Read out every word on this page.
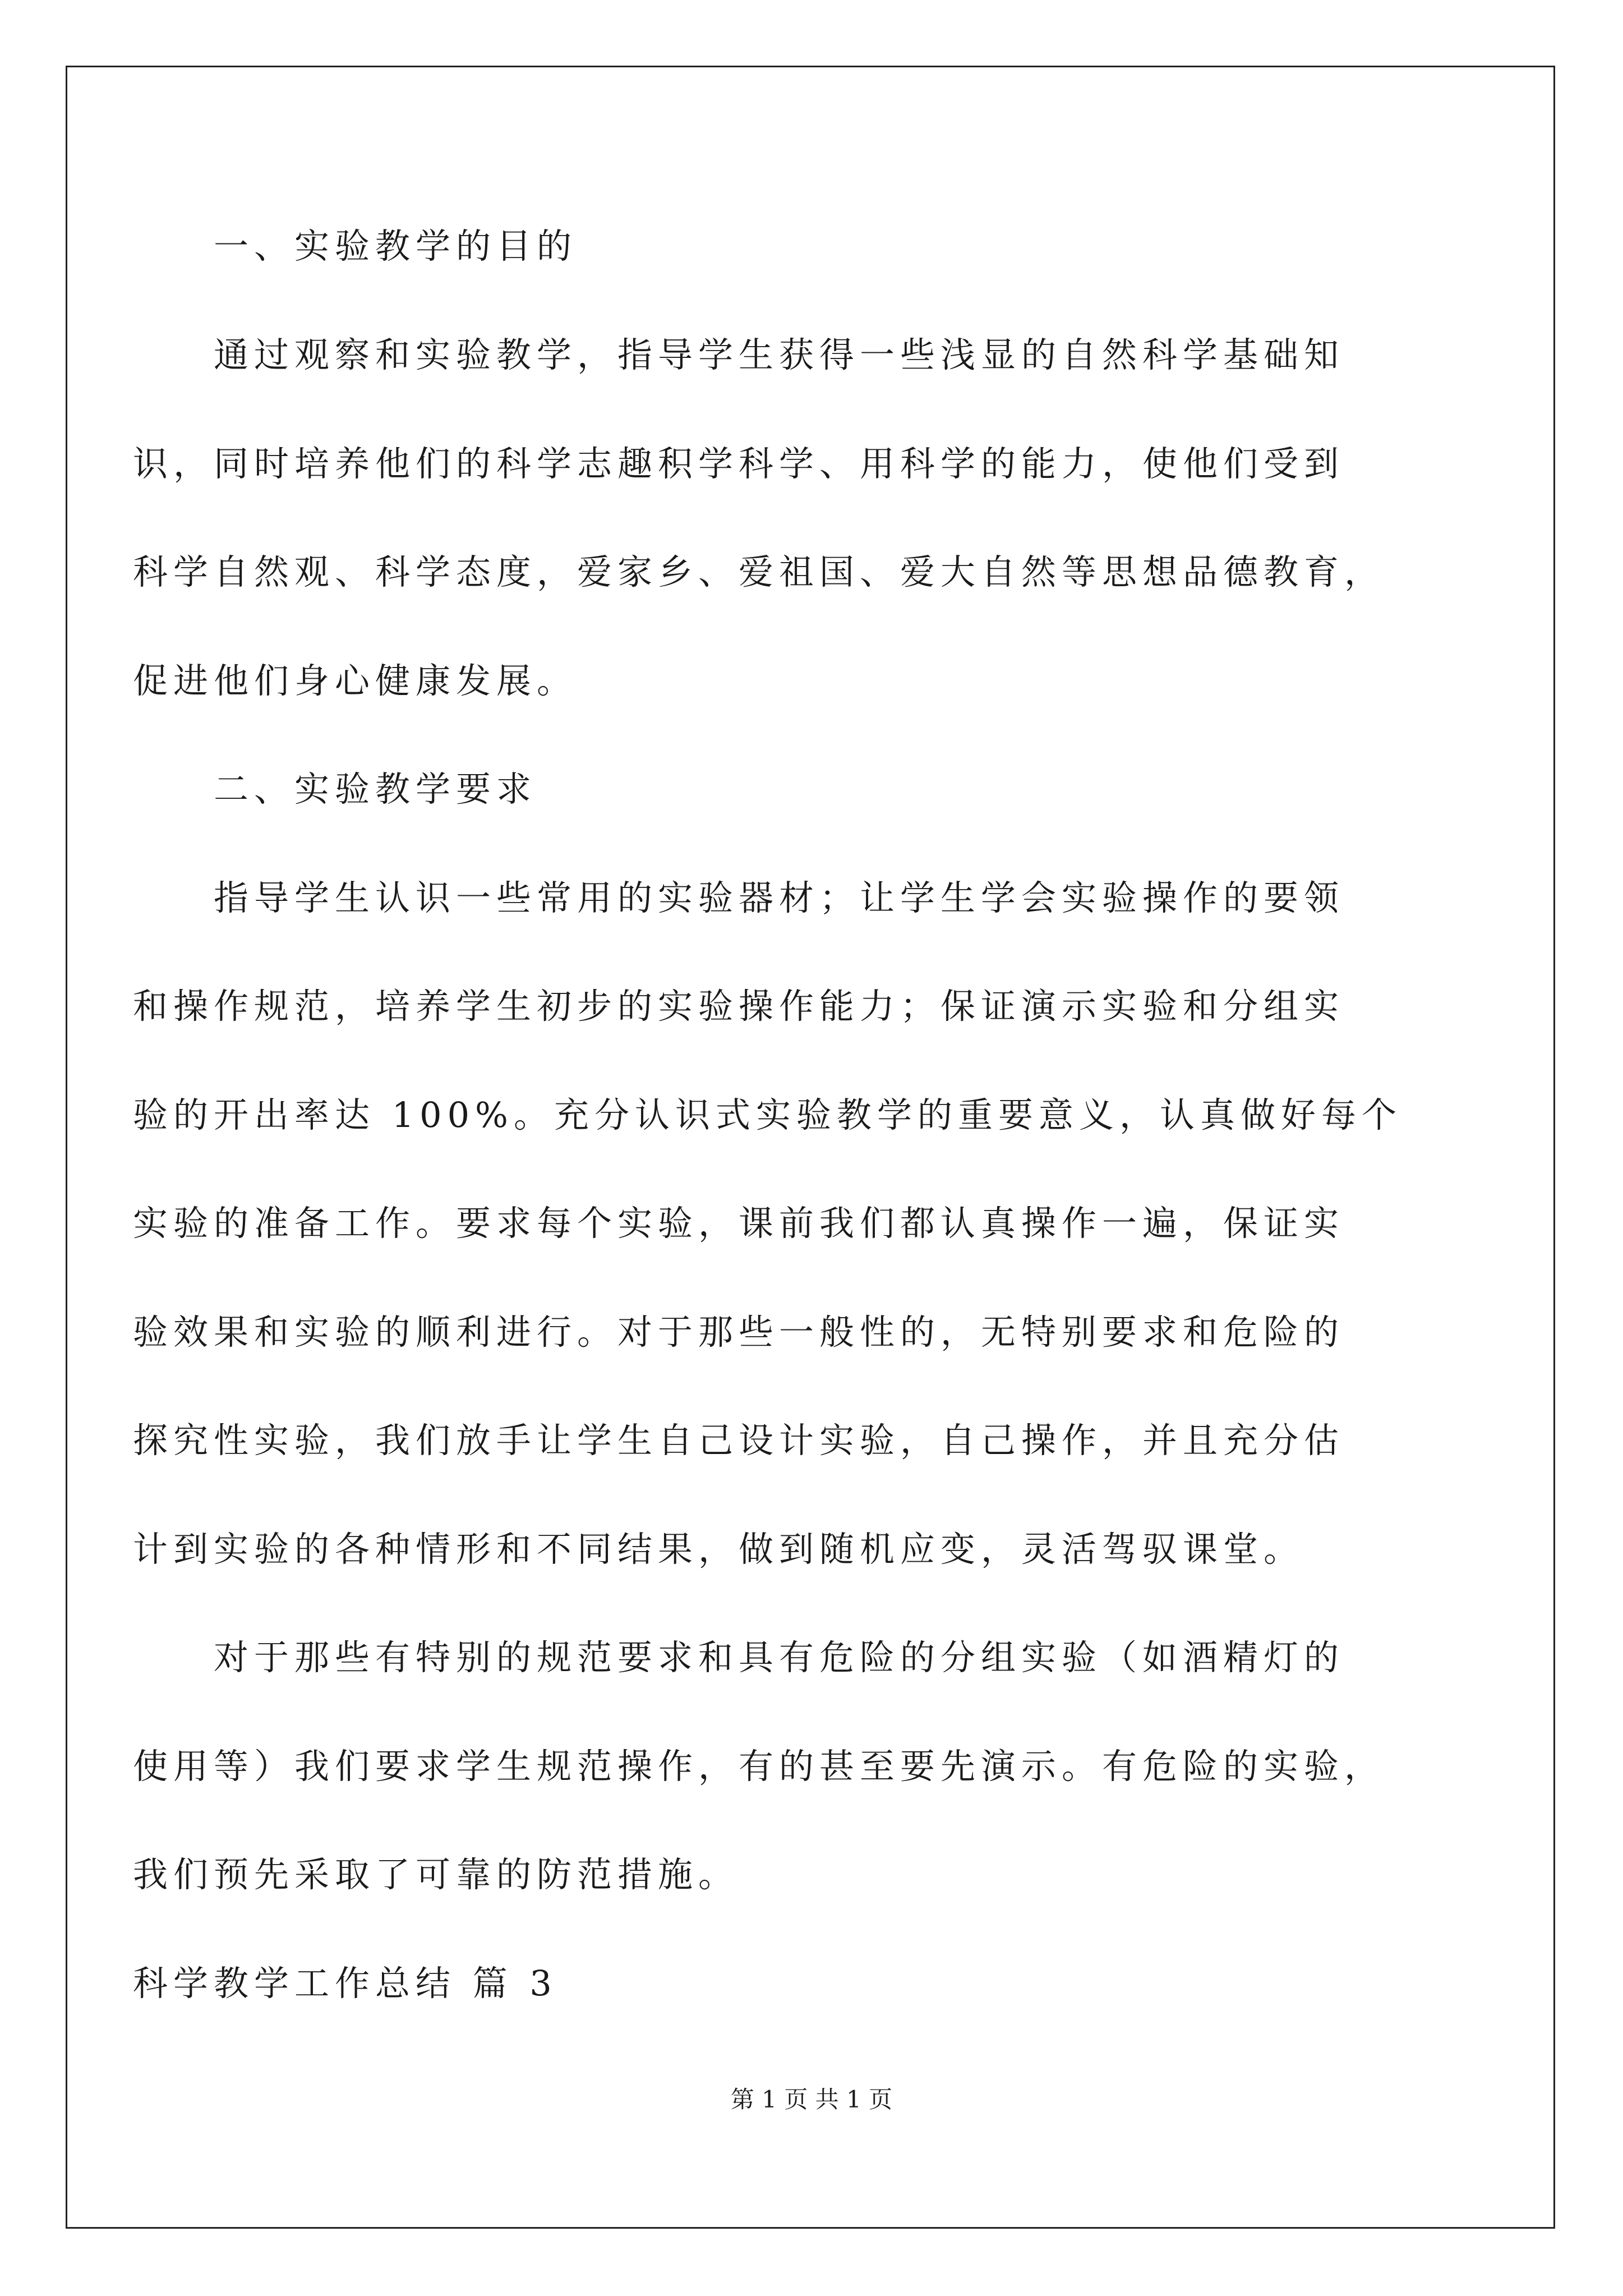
一、实验教学的目的
通过观察和实验教学，指导学生获得一些浅显的自然科学基础知
识，同时培养他们的科学志趣积学科学、用科学的能力，使他们受到
科学自然观、科学态度，爱家乡、爱祖国、爱大自然等思想品德教育，
促进他们身心健康发展。
二、实验教学要求
指导学生认识一些常用的实验器材；让学生学会实验操作的要领
和操作规范，培养学生初步的实验操作能力；保证演示实验和分组实
验的开出率达 100%。充分认识式实验教学的重要意义，认真做好每个
实验的准备工作。要求每个实验，课前我们都认真操作一遍，保证实
验效果和实验的顺利进行。对于那些一般性的，无特别要求和危险的
探究性实验，我们放手让学生自己设计实验，自己操作，并且充分估
计到实验的各种情形和不同结果，做到随机应变，灵活驾驭课堂。
对于那些有特别的规范要求和具有危险的分组实验（如酒精灯的
使用等）我们要求学生规范操作，有的甚至要先演示。有危险的实验，
我们预先采取了可靠的防范措施。
科学教学工作总结 篇 3
第 1 页 共 1 页
